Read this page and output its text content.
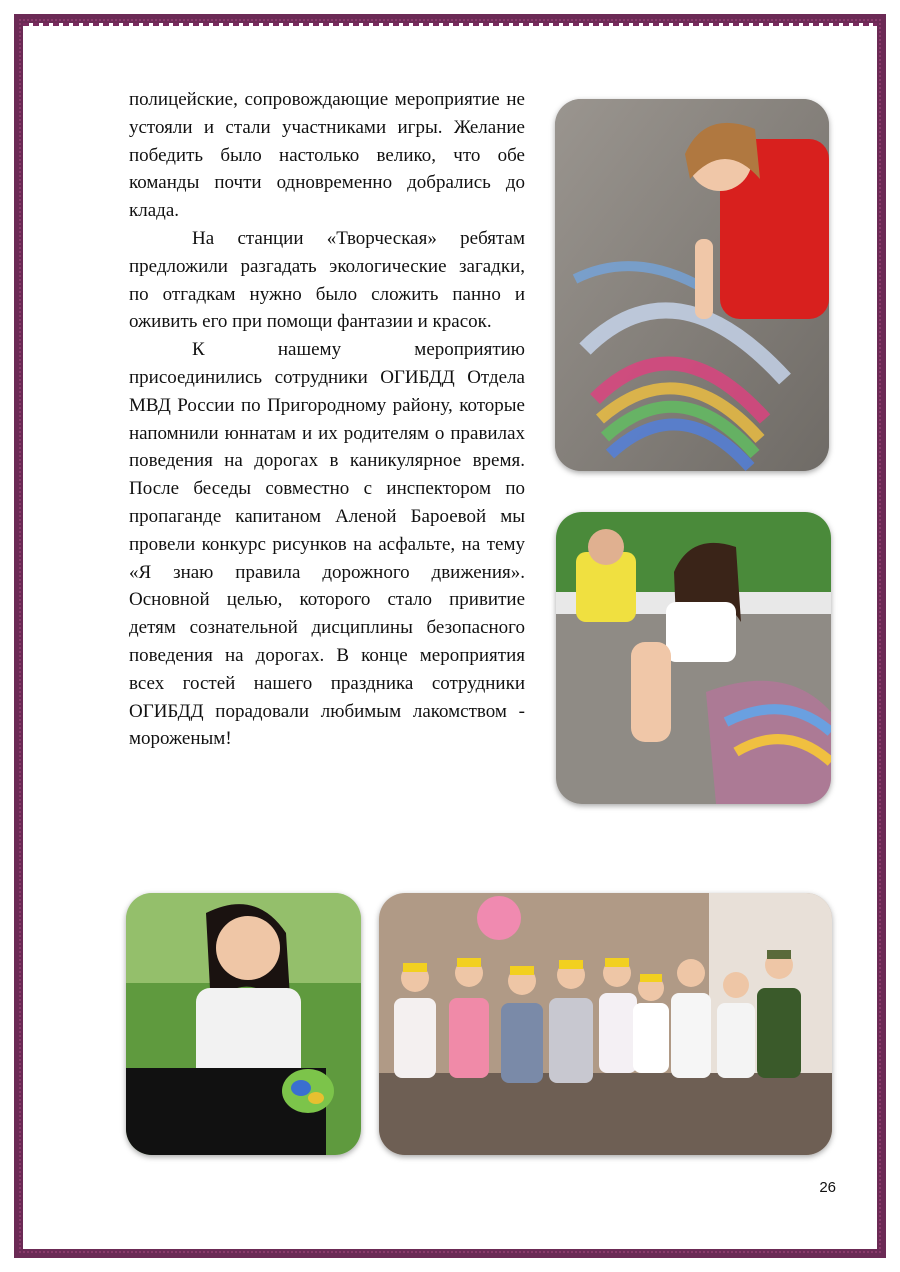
полицейские, сопровождающие мероприятие не устояли и стали участниками игры. Желание победить было настолько велико, что обе команды почти одновременно добрались до клада.

На станции «Творческая» ребятам предложили разгадать экологические загадки, по отгадкам нужно было сложить панно и оживить его при помощи фантазии и красок.

К нашему мероприятию присоединились сотрудники ОГИБДД Отдела МВД России по Пригородному району, которые напомнили юннатам и их родителям о правилах поведения на дорогах в каникулярное время. После беседы совместно с инспектором по пропаганде капитаном Аленой Бароевой мы провели конкурс рисунков на асфальте, на тему «Я знаю правила дорожного движения». Основной целью, которого стало привитие детям сознательной дисциплины безопасного поведения на дорогах. В конце мероприятия всех гостей нашего праздника сотрудники ОГИБДД порадовали любимым лакомством - мороженым!

26
